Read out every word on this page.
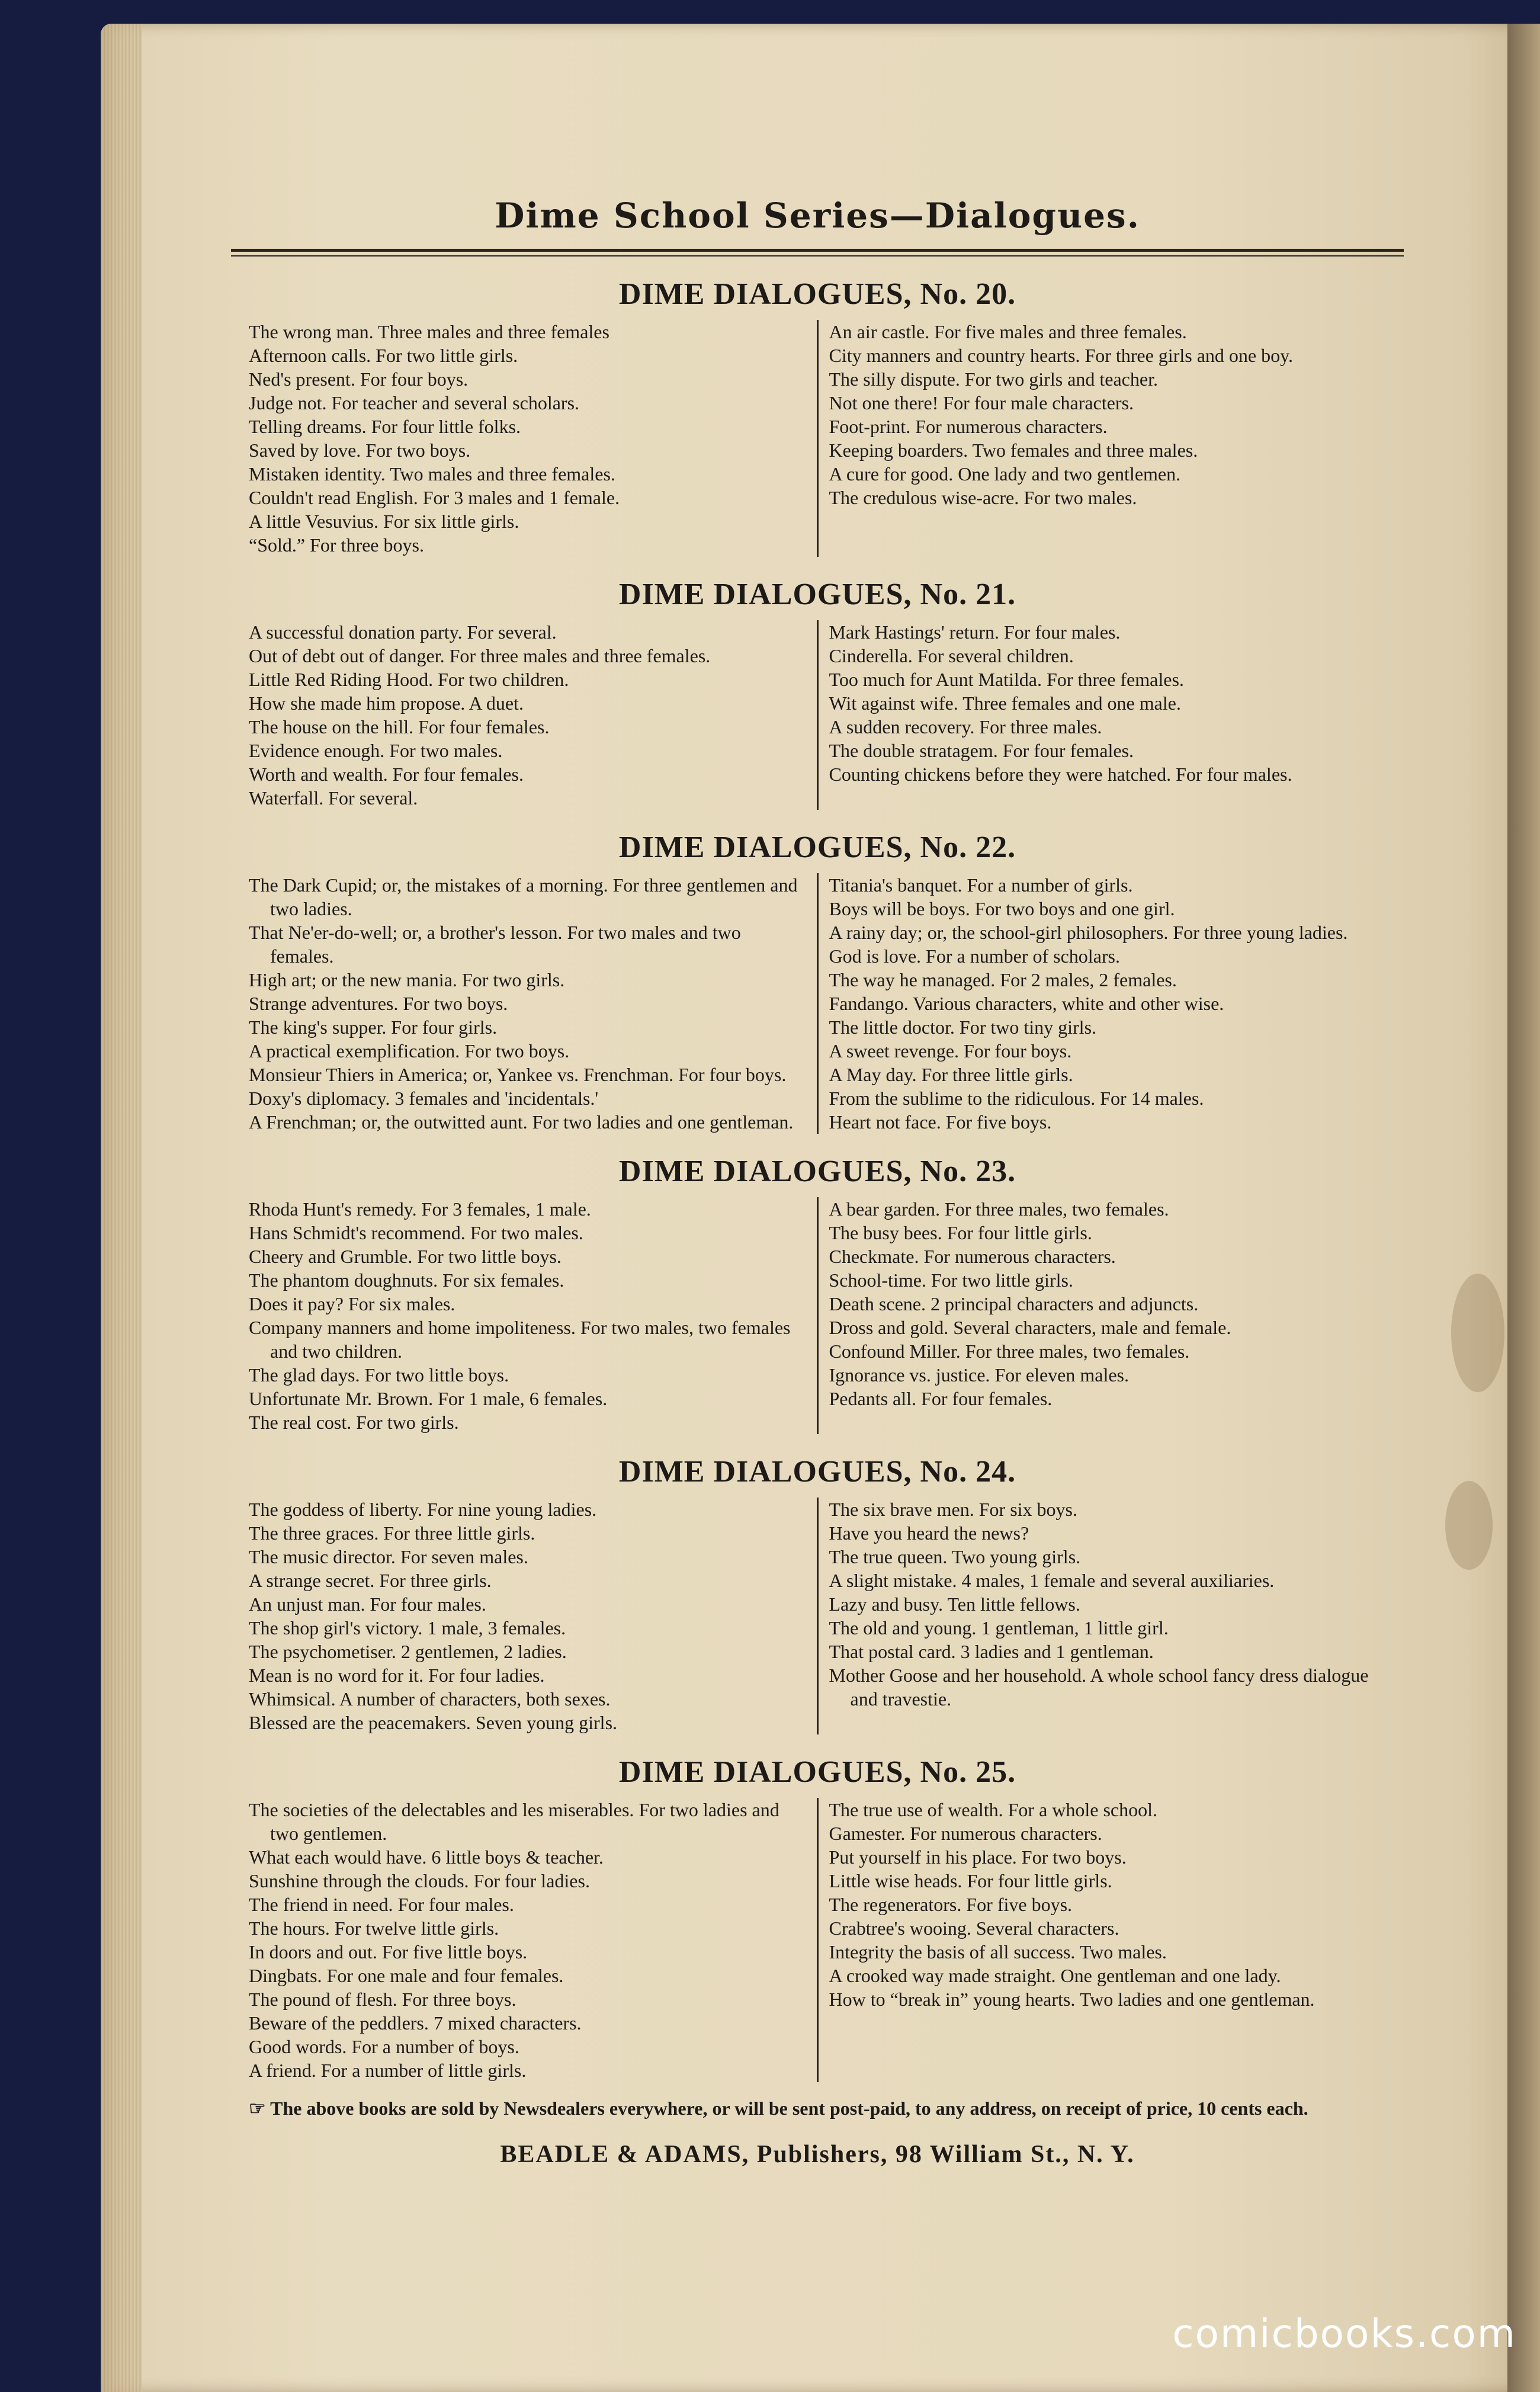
Dime School Series—Dialogues.
DIME DIALOGUES, No. 20.

The wrong man. Three males and three females

Afternoon calls. For two little girls.

Ned's present. For four boys.

Judge not. For teacher and several scholars.

Telling dreams. For four little folks.

Saved by love. For two boys.

Mistaken identity. Two males and three females.

Couldn't read English. For 3 males and 1 female.

A little Vesuvius. For six little girls.

“Sold.” For three boys.

An air castle. For five males and three females.

City manners and country hearts. For three girls and one boy.

The silly dispute. For two girls and teacher.

Not one there! For four male characters.

Foot-print. For numerous characters.

Keeping boarders. Two females and three males.

A cure for good. One lady and two gentlemen.

The credulous wise-acre. For two males.

DIME DIALOGUES, No. 21.

A successful donation party. For several.

Out of debt out of danger. For three males and three females.

Little Red Riding Hood. For two children.

How she made him propose. A duet.

The house on the hill. For four females.

Evidence enough. For two males.

Worth and wealth. For four females.

Waterfall. For several.

Mark Hastings' return. For four males.

Cinderella. For several children.

Too much for Aunt Matilda. For three females.

Wit against wife. Three females and one male.

A sudden recovery. For three males.

The double stratagem. For four females.

Counting chickens before they were hatched. For four males.

DIME DIALOGUES, No. 22.

The Dark Cupid; or, the mistakes of a morning. For three gentlemen and two ladies.

That Ne'er-do-well; or, a brother's lesson. For two males and two females.

High art; or the new mania. For two girls.

Strange adventures. For two boys.

The king's supper. For four girls.

A practical exemplification. For two boys.

Monsieur Thiers in America; or, Yankee vs. Frenchman. For four boys.

Doxy's diplomacy. 3 females and 'incidentals.'

A Frenchman; or, the outwitted aunt. For two ladies and one gentleman.

Titania's banquet. For a number of girls.

Boys will be boys. For two boys and one girl.

A rainy day; or, the school-girl philosophers. For three young ladies.

God is love. For a number of scholars.

The way he managed. For 2 males, 2 females.

Fandango. Various characters, white and other wise.

The little doctor. For two tiny girls.

A sweet revenge. For four boys.

A May day. For three little girls.

From the sublime to the ridiculous. For 14 males.

Heart not face. For five boys.

DIME DIALOGUES, No. 23.

Rhoda Hunt's remedy. For 3 females, 1 male.

Hans Schmidt's recommend. For two males.

Cheery and Grumble. For two little boys.

The phantom doughnuts. For six females.

Does it pay? For six males.

Company manners and home impoliteness. For two males, two females and two children.

The glad days. For two little boys.

Unfortunate Mr. Brown. For 1 male, 6 females.

The real cost. For two girls.

A bear garden. For three males, two females.

The busy bees. For four little girls.

Checkmate. For numerous characters.

School-time. For two little girls.

Death scene. 2 principal characters and adjuncts.

Dross and gold. Several characters, male and female.

Confound Miller. For three males, two females.

Ignorance vs. justice. For eleven males.

Pedants all. For four females.

DIME DIALOGUES, No. 24.

The goddess of liberty. For nine young ladies.

The three graces. For three little girls.

The music director. For seven males.

A strange secret. For three girls.

An unjust man. For four males.

The shop girl's victory. 1 male, 3 females.

The psychometiser. 2 gentlemen, 2 ladies.

Mean is no word for it. For four ladies.

Whimsical. A number of characters, both sexes.

Blessed are the peacemakers. Seven young girls.

The six brave men. For six boys.

Have you heard the news?

The true queen. Two young girls.

A slight mistake. 4 males, 1 female and several auxiliaries.

Lazy and busy. Ten little fellows.

The old and young. 1 gentleman, 1 little girl.

That postal card. 3 ladies and 1 gentleman.

Mother Goose and her household. A whole school fancy dress dialogue and travestie.

DIME DIALOGUES, No. 25.

The societies of the delectables and les miserables. For two ladies and two gentlemen.

What each would have. 6 little boys & teacher.

Sunshine through the clouds. For four ladies.

The friend in need. For four males.

The hours. For twelve little girls.

In doors and out. For five little boys.

Dingbats. For one male and four females.

The pound of flesh. For three boys.

Beware of the peddlers. 7 mixed characters.

Good words. For a number of boys.

A friend. For a number of little girls.

The true use of wealth. For a whole school.

Gamester. For numerous characters.

Put yourself in his place. For two boys.

Little wise heads. For four little girls.

The regenerators. For five boys.

Crabtree's wooing. Several characters.

Integrity the basis of all success. Two males.

A crooked way made straight. One gentleman and one lady.

How to “break in” young hearts. Two ladies and one gentleman.

☞ The above books are sold by Newsdealers everywhere, or will be sent post-paid, to any address, on receipt of price, 10 cents each.
BEADLE & ADAMS, Publishers, 98 William St., N. Y.
comicbooks.com
